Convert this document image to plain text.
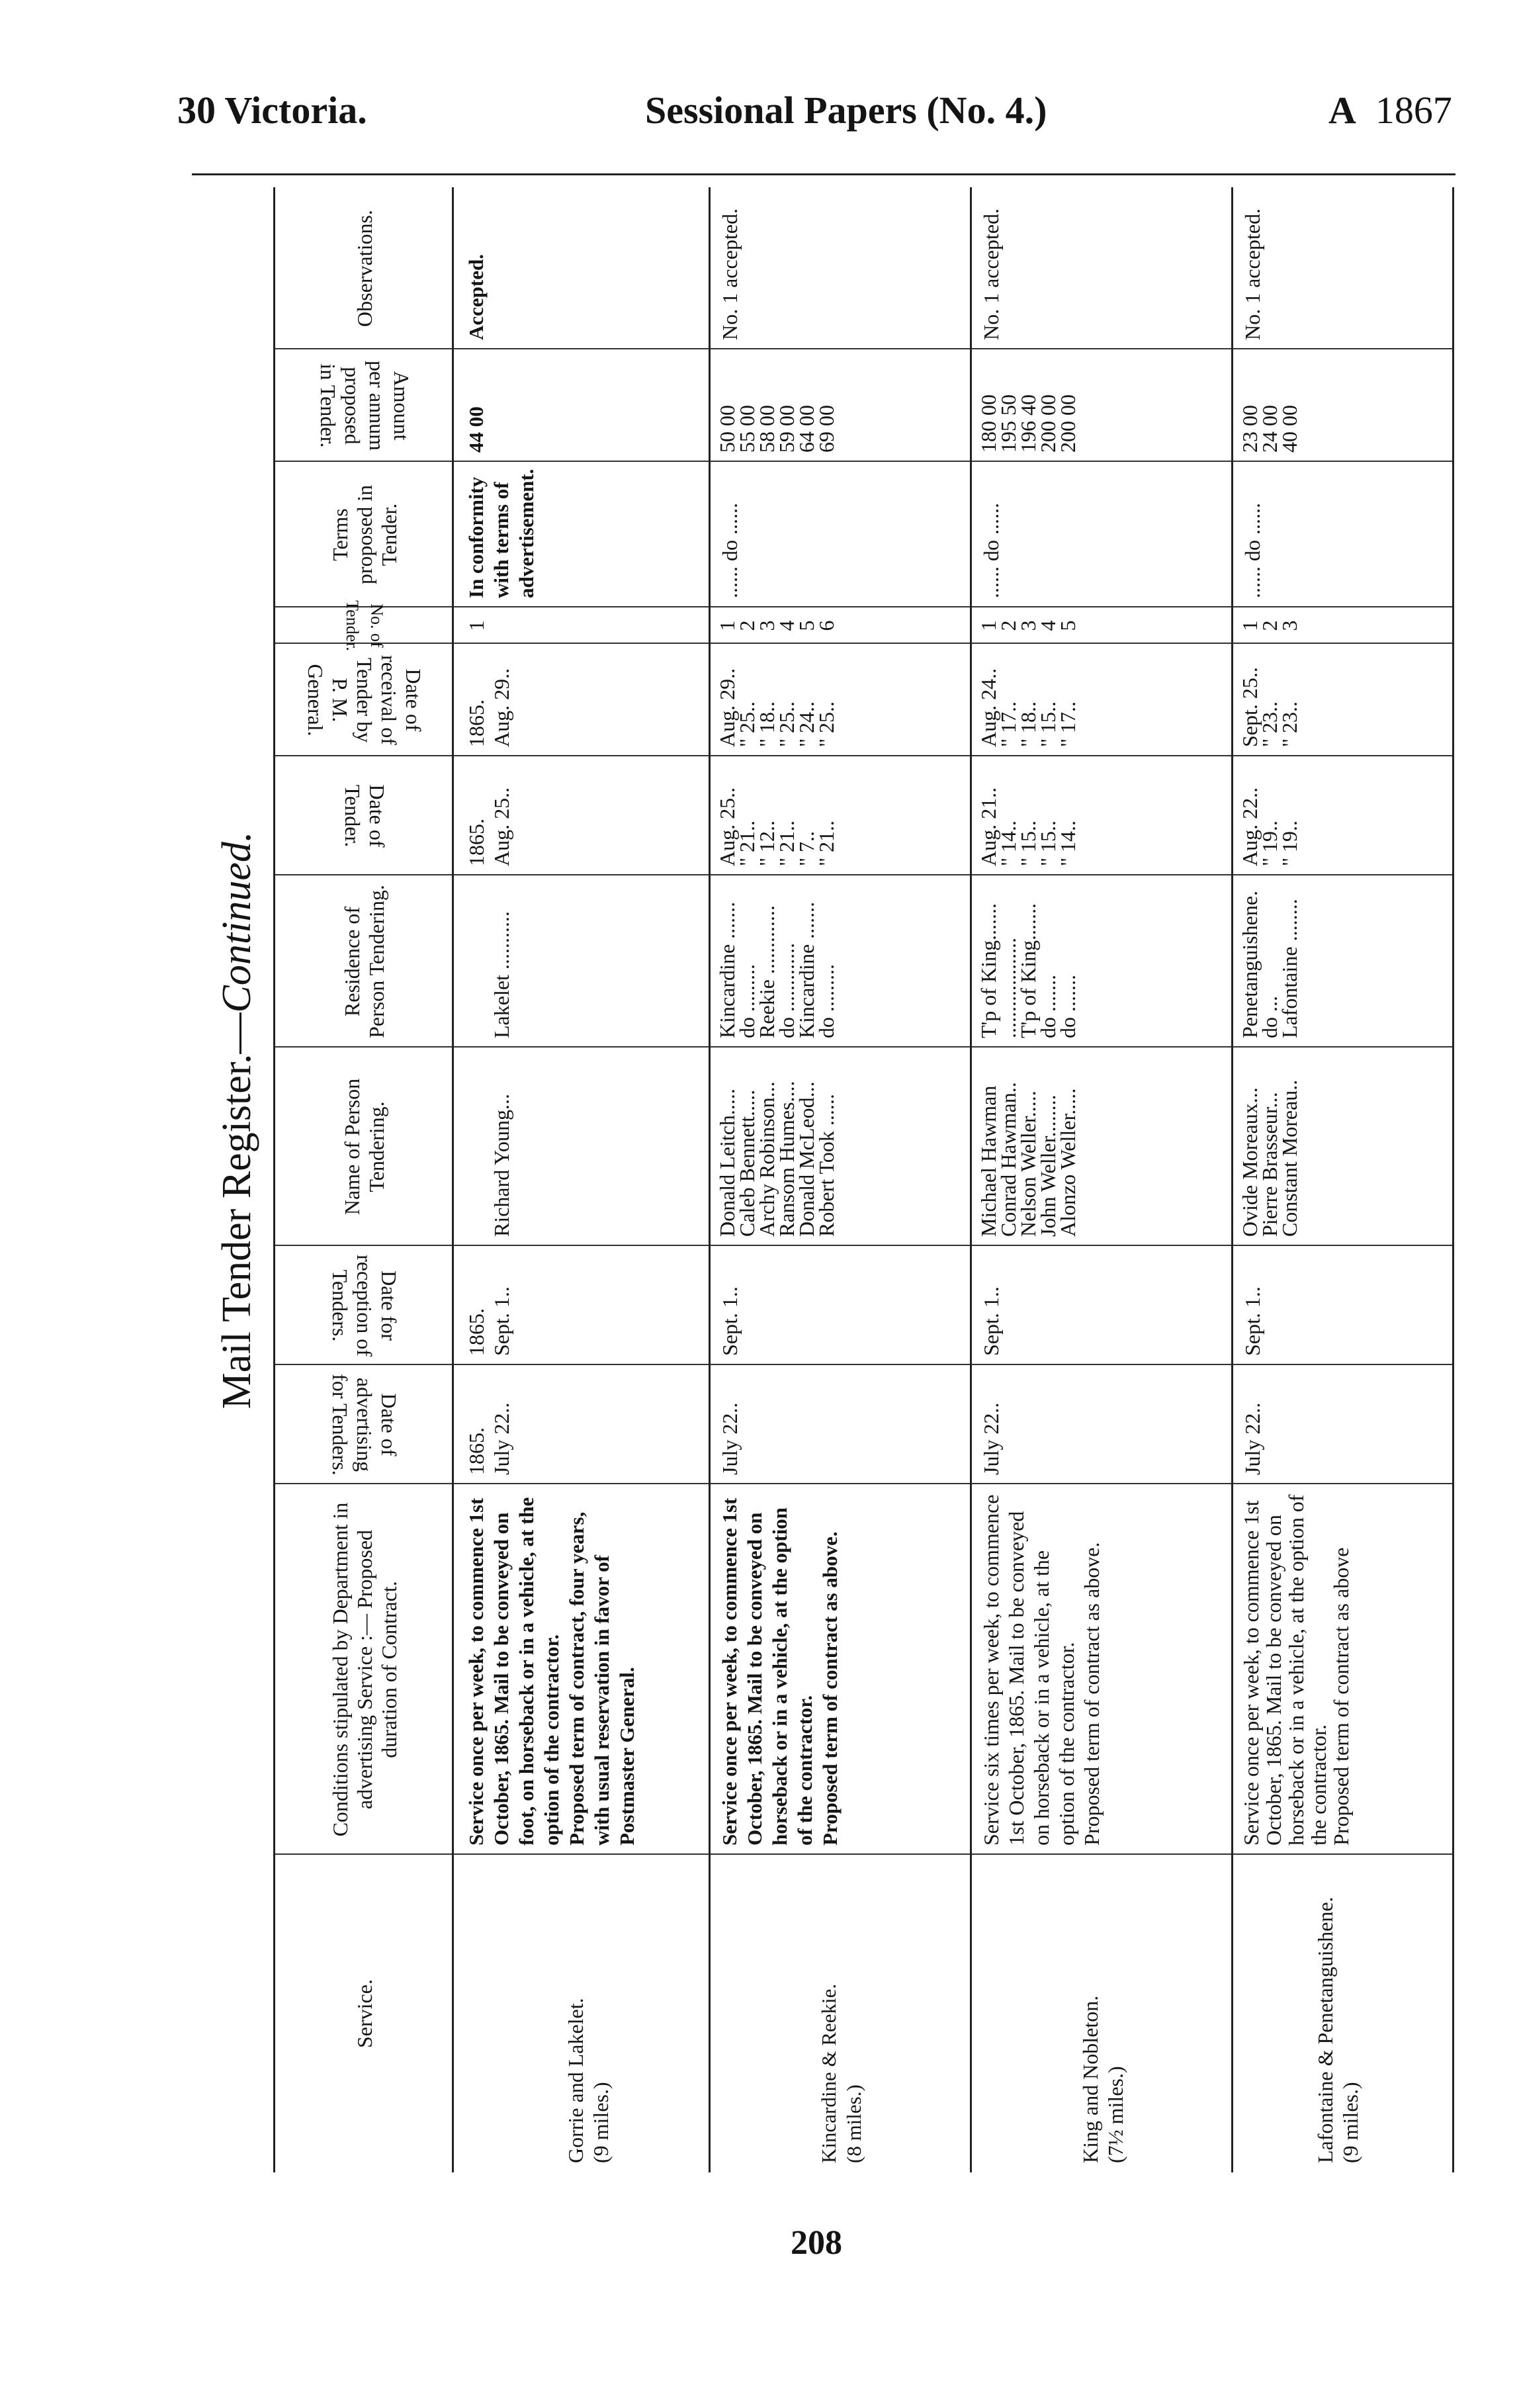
30 Victoria.	Sessional Papers (No. 4.)	A 1867
Mail Tender Register.—Continued.
Service.
Conditions stipulated by Department in advertising Service :— Proposed duration of Contract.
Date of advertising for Tenders.
Date for reception of Tenders.
Name of Person Tendering.
Residence of Person Tendering.
Date of Tender.
Date of receival of Tender by P. M. General.
No. of Tender.
Terms proposed in Tender.
Amount per annum proposed in Tender.
Observations.
Gorrie and Lakelet.
(9 miles.)
Service once per week, to commence 1st October, 1865. Mail to be conveyed on foot, on horseback or in a vehicle, at the option of the contractor.
Proposed term of contract, four years, with usual reservation in favor of Postmaster General.
1865.
July 22..
1865.
Sept. 1..
Richard Young...
Lakelet ...........
1865.
Aug. 25..
1865.
Aug. 29..
1
In conformity with terms of advertisement.
44 00
Accepted.
Kincardine & Reekie.
(8 miles.)
Service once per week, to commence 1st October, 1865. Mail to be conveyed on horseback or in a vehicle, at the option of the contractor.
Proposed term of contract as above.
July 22..
Sept. 1..
Donald Leitch.....
Caleb Bennett.....
Archy Robinson...
Ransom Humes....
Donald McLeod...
Robert Took ......
Kincardine .......
do .........
Reekie .............
do .............
Kincardine .......
do .........
Aug. 25..
" 21..
" 12..
" 21..
" 7..
" 21..
Aug. 29..
" 25..
" 18..
" 25..
" 24..
" 25..
1
2
3
4
5
6
...... do ......
50 00
55 00
58 00
59 00
64 00
69 00
No. 1 accepted.
King and Nobleton.
(7½ miles.)
Service six times per week, to commence 1st October, 1865. Mail to be conveyed on horseback or in a vehicle, at the option of the contractor.
Proposed term of contract as above.
July 22..
Sept. 1..
Michael Hawman
Conrad Hawman..
Nelson Weller.....
John Weller........
Alonzo Weller.....
T'p of King.......
...................
T'p of King.......
do .......
do .......
Aug. 21..
" 14..
" 15..
" 15..
" 14..
Aug. 24..
" 17..
" 18..
" 15..
" 17..
1
2
3
4
5
...... do ......
180 00
195 50
196 40
200 00
200 00
No. 1 accepted.
Lafontaine & Penetanguishene.
(9 miles.)
Service once per week, to commence 1st October, 1865. Mail to be conveyed on horseback or in a vehicle, at the option of the contractor.
Proposed term of contract as above
July 22..
Sept. 1..
Ovide Moreaux...
Pierre Brasseur...
Constant Moreau..
Penetanguishene.
do ...
Lafontaine ........
Aug. 22..
" 19..
" 19..
Sept. 25..
" 23..
" 23..
1
2
3
...... do ......
23 00
24 00
40 00
No. 1 accepted.
208
